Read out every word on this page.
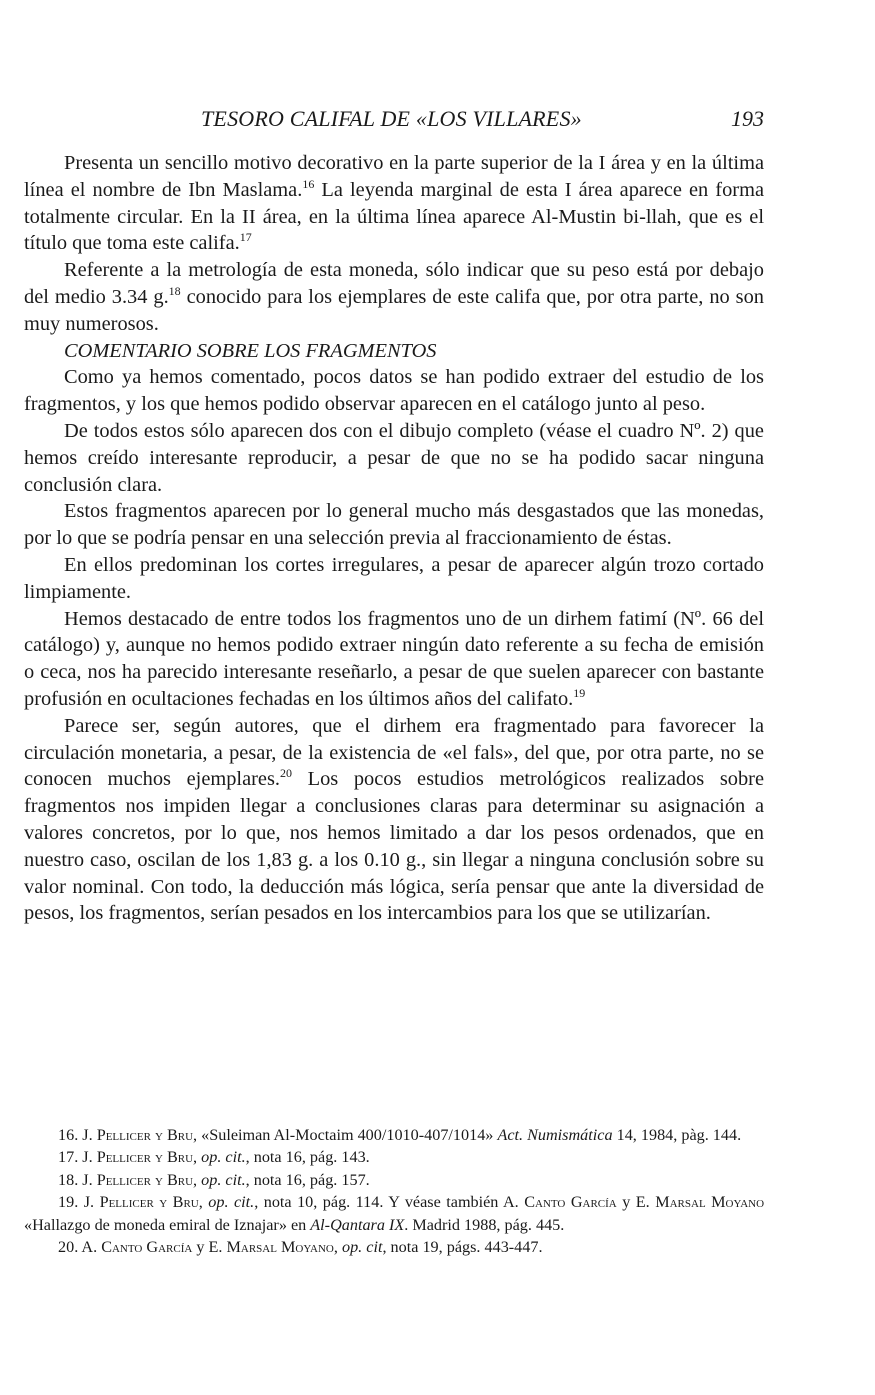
TESORO CALIFAL DE «LOS VILLARES»	193

Presenta un sencillo motivo decorativo en la parte superior de la I área y en la última línea el nombre de Ibn Maslama.$^{16}$ La leyenda marginal de esta I área aparece en forma totalmente circular. En la II área, en la última línea aparece Al-Mustin bi-llah, que es el título que toma este califa.$^{17}$

Referente a la metrología de esta moneda, sólo indicar que su peso está por debajo del medio 3.34 g.$^{18}$ conocido para los ejemplares de este califa que, por otra parte, no son muy numerosos.

COMENTARIO SOBRE LOS FRAGMENTOS

Como ya hemos comentado, pocos datos se han podido extraer del estudio de los fragmentos, y los que hemos podido observar aparecen en el catálogo junto al peso.

De todos estos sólo aparecen dos con el dibujo completo (véase el cuadro Nº. 2) que hemos creído interesante reproducir, a pesar de que no se ha podido sacar ninguna conclusión clara.

Estos fragmentos aparecen por lo general mucho más desgastados que las monedas, por lo que se podría pensar en una selección previa al fraccionamiento de éstas.

En ellos predominan los cortes irregulares, a pesar de aparecer algún trozo cortado limpiamente.

Hemos destacado de entre todos los fragmentos uno de un dirhem fatimí (Nº. 66 del catálogo) y, aunque no hemos podido extraer ningún dato referente a su fecha de emisión o ceca, nos ha parecido interesante reseñarlo, a pesar de que suelen aparecer con bastante profusión en ocultaciones fechadas en los últimos años del califato.$^{19}$

Parece ser, según autores, que el dirhem era fragmentado para favorecer la circulación monetaria, a pesar, de la existencia de «el fals», del que, por otra parte, no se conocen muchos ejemplares.$^{20}$ Los pocos estudios metrológicos realizados sobre fragmentos nos impiden llegar a conclusiones claras para determinar su asignación a valores concretos, por lo que, nos hemos limitado a dar los pesos ordenados, que en nuestro caso, oscilan de los 1,83 g. a los 0.10 g., sin llegar a ninguna conclusión sobre su valor nominal. Con todo, la deducción más lógica, sería pensar que ante la diversidad de pesos, los fragmentos, serían pesados en los intercambios para los que se utilizarían.

16. J. Pellicer y Bru, «Suleiman Al-Moctaim 400/1010-407/1014» Act. Numismática 14, 1984, pàg. 144.

17. J. Pellicer y Bru, op. cit., nota 16, pág. 143.

18. J. Pellicer y Bru, op. cit., nota 16, pág. 157.

19. J. Pellicer y Bru, op. cit., nota 10, pág. 114. Y véase también A. Canto García y E. Marsal Moyano «Hallazgo de moneda emiral de Iznajar» en Al-Qantara IX. Madrid 1988, pág. 445.

20. A. Canto García y E. Marsal Moyano, op. cit, nota 19, págs. 443-447.
